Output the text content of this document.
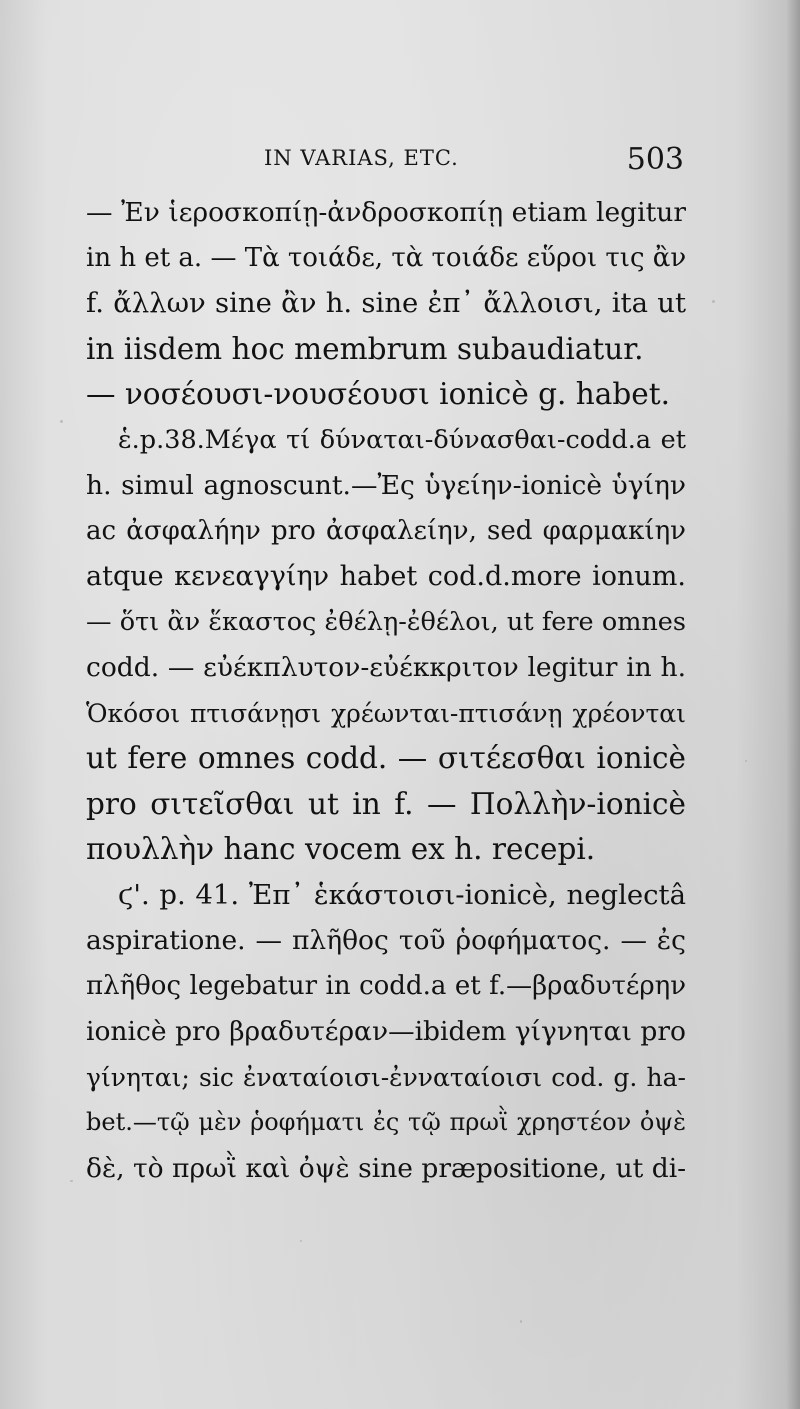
IN VARIAS, ETC.	503
— Ἐν ἱεροσκοπίῃ-ἀνδροσκοπίῃ etiam legitur
in h et a. — Τὰ τοιάδε, τὰ τοιάδε εὕροι τις ἂν
f. ἄλλων sine ἂν h. sine ἐπ᾽ ἄλλοισι, ita ut
in iisdem hoc membrum subaudiatur.
— νοσέουσι-νουσέουσι ionicè g. habet.
ἑ.p.38.Μέγα τί δύναται-δύνασθαι-codd.a et
h. simul agnoscunt.—Ἐς ὑγείην-ionicè ὑγίην
ac ἀσφαλήην pro ἀσφαλείην, sed φαρμακίην
atque κενεαγγίην habet cod.d.more ionum.
— ὅτι ἂν ἕκαστος ἐθέλῃ-ἐθέλοι, ut fere omnes
codd. — εὐέκπλυτον-εὐέκκριτον legitur in h.
Ὁκόσοι πτισάνῃσι χρέωνται-πτισάνῃ χρέονται
ut fere omnes codd. — σιτέεσθαι ionicè
pro σιτεῖσθαι ut in f. — Πολλὴν-ionicè
πουλλὴν hanc vocem ex h. recepi.
ϛ'. p. 41. Ἐπ᾽ ἑκάστοισι-ionicè, neglectâ
aspiratione. — πλῆθος τοῦ ῥοφήματος. — ἐς
πλῆθος legebatur in codd.a et f.—βραδυτέρην
ionicè pro βραδυτέραν—ibidem γίγνηται pro
γίνηται; sic ἐναταίοισι-ἐνναταίοισι cod. g. ha-
bet.—τῷ μὲν ῥοφήματι ἐς τῷ πρωῒ χρηστέον ὀψὲ
δὲ, τὸ πρωῒ καὶ ὀψὲ sine præpositione, ut di-
